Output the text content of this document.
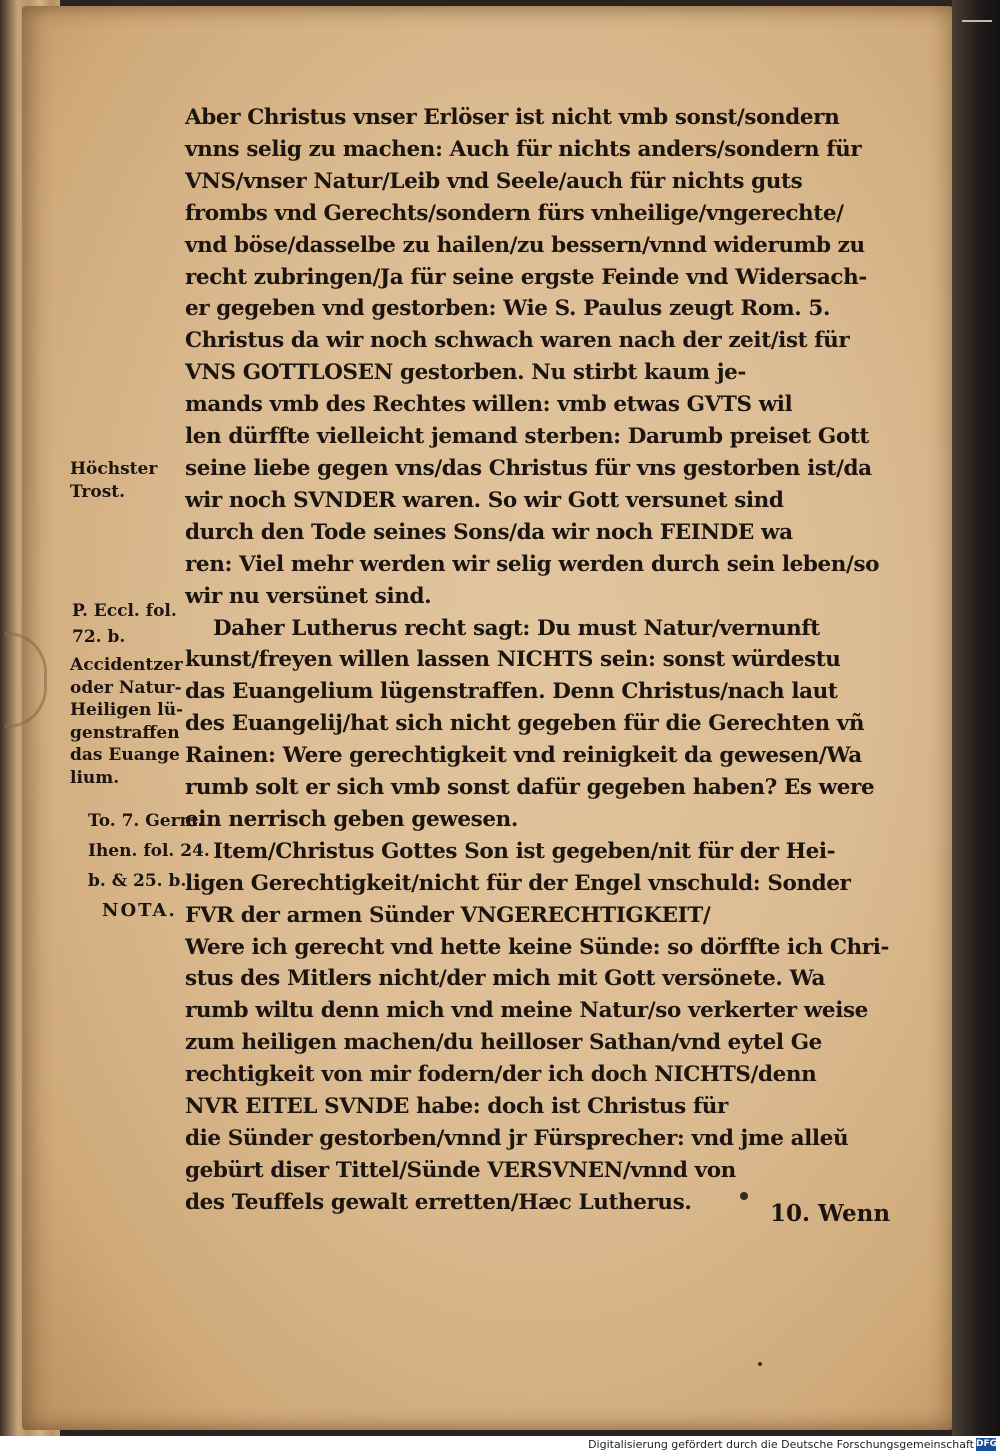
Aber Christus vnser Erlöser ist nicht vmb sonst/sondern
vnns selig zu machen: Auch für nichts anders/sondern für
VNS/vnser Natur/Leib vnd Seele/auch für nichts guts
frombs vnd Gerechts/sondern fürs vnheilige/vngerechte/
vnd böse/dasselbe zu hailen/zu bessern/vnnd widerumb zu
recht zubringen/Ja für seine ergste Feinde vnd Widersach-
er gegeben vnd gestorben: Wie S. Paulus zeugt Rom. 5.
Christus da wir noch schwach waren nach der zeit/ist für
VNS GOTTLOSEN gestorben. Nu stirbt kaum je-
mands vmb des Rechtes willen: vmb etwas GVTS wil
len dürffte vielleicht jemand sterben: Darumb preiset Gott
seine liebe gegen vns/das Christus für vns gestorben ist/da
wir noch SVNDER waren. So wir Gott versunet sind
durch den Tode seines Sons/da wir noch FEINDE wa
ren: Viel mehr werden wir selig werden durch sein leben/so
wir nu versünet sind.
Daher Lutherus recht sagt: Du must Natur/vernunft
kunst/freyen willen lassen NICHTS sein: sonst würdestu
das Euangelium lügenstraffen. Denn Christus/nach laut
des Euangelij/hat sich nicht gegeben für die Gerechten vñ
Rainen: Were gerechtigkeit vnd reinigkeit da gewesen/Wa
rumb solt er sich vmb sonst dafür gegeben haben? Es were
ein nerrisch geben gewesen.
Item/Christus Gottes Son ist gegeben/nit für der Hei-
ligen Gerechtigkeit/nicht für der Engel vnschuld: Sonder
FVR der armen Sünder VNGERECHTIGKEIT/
Were ich gerecht vnd hette keine Sünde: so dörffte ich Chri-
stus des Mitlers nicht/der mich mit Gott versönete. Wa
rumb wiltu denn mich vnd meine Natur/so verkerter weise
zum heiligen machen/du heilloser Sathan/vnd eytel Ge
rechtigkeit von mir fodern/der ich doch NICHTS/denn
NVR EITEL SVNDE habe: doch ist Christus für
die Sünder gestorben/vnnd jr Fürsprecher: vnd jme alleŭ
gebürt diser Tittel/Sünde VERSVNEN/vnnd von
des Teuffels gewalt erretten/Hæc Lutherus.
Höchster
Trost.
P. Eccl. fol.
72. b.
Accidentzer
oder Natur-
Heiligen lü-
genstraffen
das Euange
lium.
To. 7. Germ.
Ihen. fol. 24.
b. & 25. b.
NOTA.
10. Wenn
Digitalisierung gefördert durch die Deutsche Forschungsgemeinschaft DFG
